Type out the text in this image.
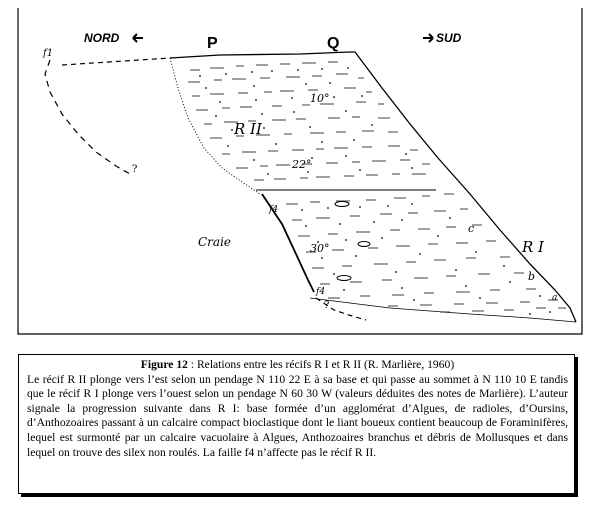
NORD	P	Q	SUD
f1
?
f4
f4
?
R II
R I
Craie
10°
22°
30°
c
b
a

Figure 12 : Relations entre les récifs R I et R II (R. Marlière, 1960)

Le récif R II plonge vers l’est selon un pendage N 110 22 E à sa base et qui passe au sommet à N 110 10 E tandis que le récif R I plonge vers l’ouest selon un pendage N 60 30 W (valeurs déduites des notes de Marlière). L’auteur signale la progression suivante dans R I: base formée d’un agglomérat d’Algues, de radioles, d’Oursins, d’Anthozoaires passant à un calcaire compact bioclastique dont le liant boueux contient beaucoup de Foraminifères, lequel est surmonté par un calcaire vacuolaire à Algues, Anthozoaires branchus et débris de Mollusques et dans lequel on trouve des silex non roulés. La faille f4 n’affecte pas le récif R II.
